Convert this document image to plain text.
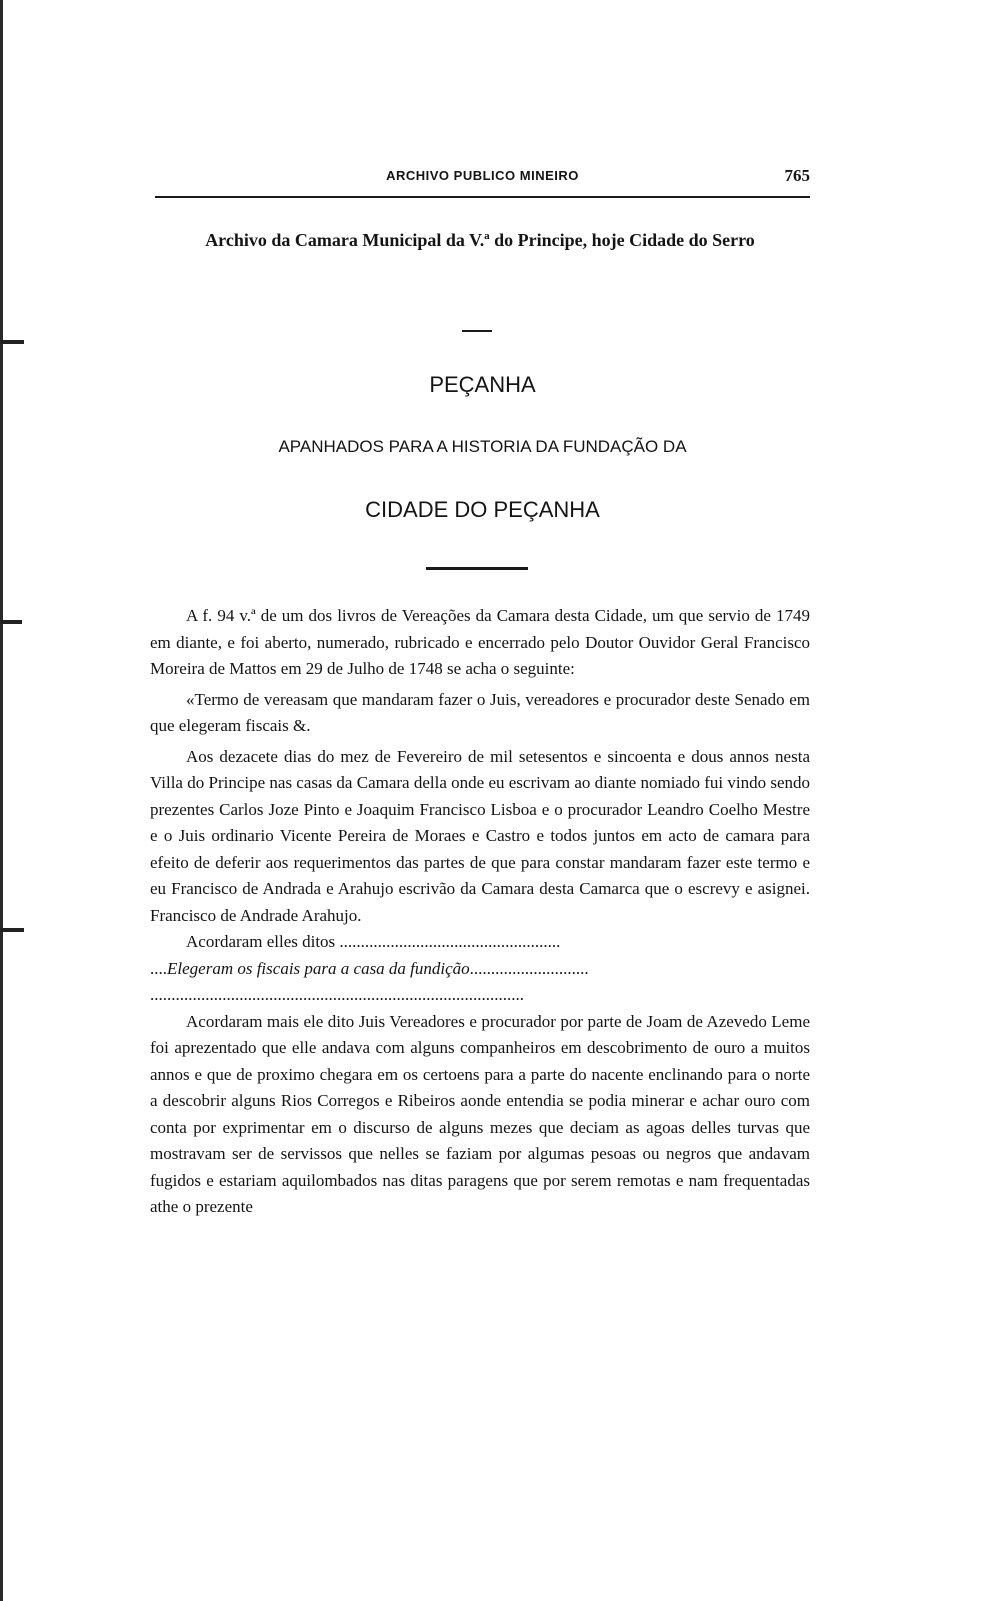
ARCHIVO PUBLICO MINEIRO	765
Archivo da Camara Municipal da V.ª do Principe, hoje Cidade do Serro
PEÇANHA
APANHADOS PARA A HISTORIA DA FUNDAÇÃO DA
CIDADE DO PEÇANHA

A f. 94 v.ª de um dos livros de Vereações da Camara desta Cidade, um que servio de 1749 em diante, e foi aberto, numerado, rubricado e encerrado pelo Doutor Ouvidor Geral Francisco Moreira de Mattos em 29 de Julho de 1748 se acha o seguinte:

«Termo de vereasam que mandaram fazer o Juis, vereadores e procurador deste Senado em que elegeram fiscais &.

Aos dezacete dias do mez de Fevereiro de mil setesentos e sincoenta e dous annos nesta Villa do Principe nas casas da Camara della onde eu escrivam ao diante nomiado fui vindo sendo prezentes Carlos Joze Pinto e Joaquim Francisco Lisboa e o procurador Leandro Coelho Mestre e o Juis ordinario Vicente Pereira de Moraes e Castro e todos juntos em acto de camara para efeito de deferir aos requerimentos das partes de que para constar mandaram fazer este termo e eu Francisco de Andrada e Arahujo escrivão da Camara desta Camarca que o escrevy e asignei. Francisco de Andrade Arahujo.

Acordaram elles ditos ....................................................

....Elegeram os fiscais para a casa da fundição............................

........................................................................................

Acordaram mais ele dito Juis Vereadores e procurador por parte de Joam de Azevedo Leme foi aprezentado que elle andava com alguns companheiros em descobrimento de ouro a muitos annos e que de proximo chegara em os certoens para a parte do nacente enclinando para o norte a descobrir alguns Rios Corregos e Ribeiros aonde entendia se podia minerar e achar ouro com conta por exprimentar em o discurso de alguns mezes que deciam as agoas delles turvas que mostravam ser de servissos que nelles se faziam por algumas pesoas ou negros que andavam fugidos e estariam aquilombados nas ditas paragens que por serem remotas e nam frequentadas athe o prezente
